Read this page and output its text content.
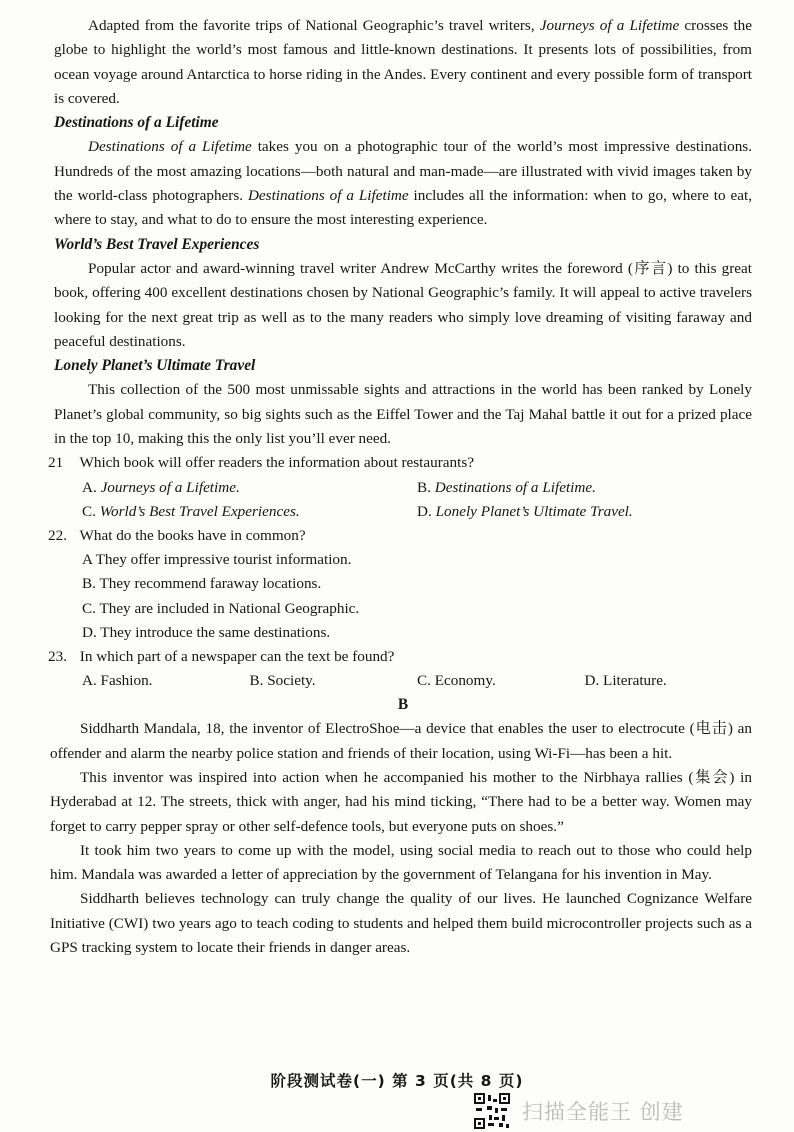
Adapted from the favorite trips of National Geographic’s travel writers, Journeys of a Lifetime crosses the globe to highlight the world’s most famous and little-known destinations. It presents lots of possibilities, from ocean voyage around Antarctica to horse riding in the Andes. Every continent and every possible form of transport is covered.

Destinations of a Lifetime

Destinations of a Lifetime takes you on a photographic tour of the world’s most impressive destinations. Hundreds of the most amazing locations—both natural and man-made—are illustrated with vivid images taken by the world-class photographers. Destinations of a Lifetime includes all the information: when to go, where to eat, where to stay, and what to do to ensure the most interesting experience.

World’s Best Travel Experiences

Popular actor and award-winning travel writer Andrew McCarthy writes the foreword (序言) to this great book, offering 400 excellent destinations chosen by National Geographic’s family. It will appeal to active travelers looking for the next great trip as well as to the many readers who simply love dreaming of visiting faraway and peaceful destinations.

Lonely Planet’s Ultimate Travel

This collection of the 500 most unmissable sights and attractions in the world has been ranked by Lonely Planet’s global community, so big sights such as the Eiffel Tower and the Taj Mahal battle it out for a prized place in the top 10, making this the only list you’ll ever need.

21 Which book will offer readers the information about restaurants?
A. Journeys of a Lifetime.	B. Destinations of a Lifetime.
C. World’s Best Travel Experiences.	D. Lonely Planet’s Ultimate Travel.
22. What do the books have in common?
A They offer impressive tourist information.
B. They recommend faraway locations.
C. They are included in National Geographic.
D. They introduce the same destinations.
23. In which part of a newspaper can the text be found?
A. Fashion.	B. Society.	C. Economy.	D. Literature.
B

Siddharth Mandala, 18, the inventor of ElectroShoe—a device that enables the user to electrocute (电击) an offender and alarm the nearby police station and friends of their location, using Wi-Fi—has been a hit.

This inventor was inspired into action when he accompanied his mother to the Nirbhaya rallies (集会) in Hyderabad at 12. The streets, thick with anger, had his mind ticking, “There had to be a better way. Women may forget to carry pepper spray or other self-defence tools, but everyone puts on shoes.”

It took him two years to come up with the model, using social media to reach out to those who could help him. Mandala was awarded a letter of appreciation by the government of Telangana for his invention in May.

Siddharth believes technology can truly change the quality of our lives. He launched Cognizance Welfare Initiative (CWI) two years ago to teach coding to students and helped them build microcontroller projects such as a GPS tracking system to locate their friends in danger areas.

阶段测试卷(一) 第 3 页(共 8 页)
扫描全能王 创建
